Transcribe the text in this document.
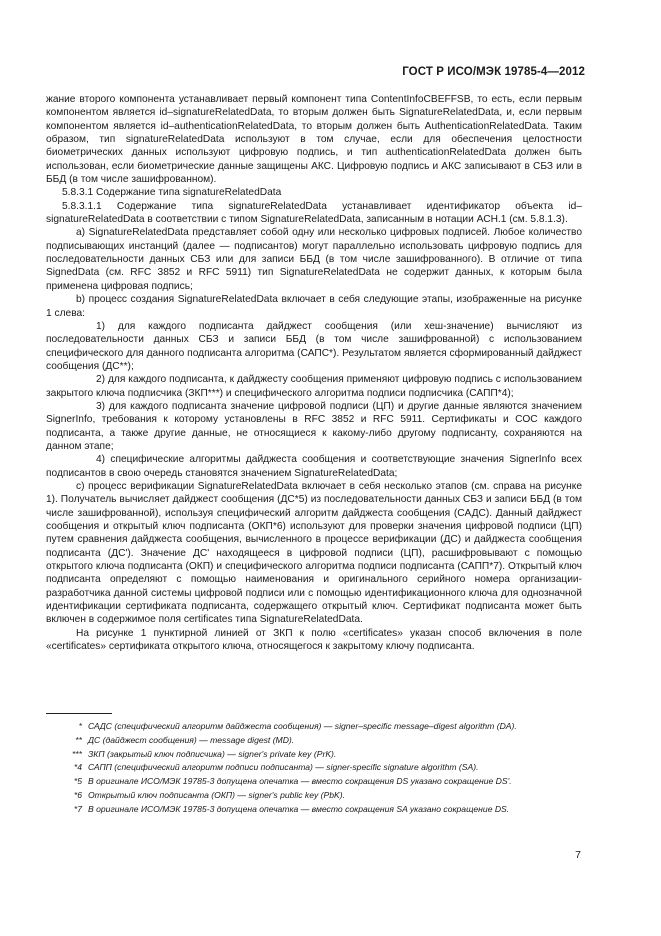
ГОСТ Р ИСО/МЭК 19785-4—2012

жание второго компонента устанавливает первый компонент типа ContentInfoCBEFFSB, то есть, если первым компонентом является id–signatureRelatedData, то вторым должен быть SignatureRelatedData, и, если первым компонентом является id–authenticationRelatedData, то вторым должен быть AuthenticationRelatedData. Таким образом, тип signatureRelatedData используют в том случае, если для обеспечения целостности биометрических данных используют цифровую подпись, и тип authenticationRelatedData должен быть использован, если биометрические данные защищены АКС. Цифровую подпись и АКС записывают в СБЗ или в ББД (в том числе зашифрованном).

5.8.3.1 Содержание типа signatureRelatedData

5.8.3.1.1 Содержание типа signatureRelatedData устанавливает идентификатор объекта id–signatureRelatedData в соответствии с типом SignatureRelatedData, записанным в нотации АСН.1 (см. 5.8.1.3).

а) SignatureRelatedData представляет собой одну или несколько цифровых подписей. Любое количество подписывающих инстанций (далее — подписантов) могут параллельно использовать цифровую подпись для последовательности данных СБЗ или для записи ББД (в том числе зашифрованного). В отличие от типа SignedData (см. RFC 3852 и RFC 5911) тип SignatureRelatedData не содержит данных, к которым была применена цифровая подпись;

b) процесс создания SignatureRelatedData включает в себя следующие этапы, изображенные на рисунке 1 слева:

1) для каждого подписанта дайджест сообщения (или хеш-значение) вычисляют из последовательности данных СБЗ и записи ББД (в том числе зашифрованной) с использованием специфического для данного подписанта алгоритма (САПС*). Результатом является сформированный дайджест сообщения (ДС**);

2) для каждого подписанта, к дайджесту сообщения применяют цифровую подпись с использованием закрытого ключа подписчика (ЗКП***) и специфического алгоритма подписи подписчика (САПП*4);

3) для каждого подписанта значение цифровой подписи (ЦП) и другие данные являются значением SignerInfo, требования к которому установлены в RFC 3852 и RFC 5911. Сертификаты и СОС каждого подписанта, а также другие данные, не относящиеся к какому-либо другому подписанту, сохраняются на данном этапе;

4) специфические алгоритмы дайджеста сообщения и соответствующие значения SignerInfo всех подписантов в свою очередь становятся значением SignatureRelatedData;

с) процесс верификации SignatureRelatedData включает в себя несколько этапов (см. справа на рисунке 1). Получатель вычисляет дайджест сообщения (ДС*5) из последовательности данных СБЗ и записи ББД (в том числе зашифрованной), используя специфический алгоритм дайджеста сообщения (САДС). Данный дайджест сообщения и открытый ключ подписанта (ОКП*6) используют для проверки значения цифровой подписи (ЦП) путем сравнения дайджеста сообщения, вычисленного в процессе верификации (ДС) и дайджеста сообщения подписанта (ДС'). Значение ДС' находящееся в цифровой подписи (ЦП), расшифровывают с помощью открытого ключа подписанта (ОКП) и специфического алгоритма подписи подписанта (САПП*7). Открытый ключ подписанта определяют с помощью наименования и оригинального серийного номера организации-разработчика данной системы цифровой подписи или с помощью идентификационного ключа для однозначной идентификации сертификата подписанта, содержащего открытый ключ. Сертификат подписанта может быть включен в содержимое поля certificates типа SignatureRelatedData.

На рисунке 1 пунктирной линией от ЗКП к полю «certificates» указан способ включения в поле «certificates» сертификата открытого ключа, относящегося к закрытому ключу подписанта.

* САДС (специфический алгоритм дайджеста сообщения) — signer–specific message–digest algorithm (DA).
** ДС (дайджест сообщения) — message digest (MD).
*** ЗКП (закрытый ключ подписчика) — signer's private key (PrK).
*4 САПП (специфический алгоритм подписи подписанта) — signer-specific signature algorithm (SA).
*5 В оригинале ИСО/МЭК 19785-3 допущена опечатка — вместо сокращения DS указано сокращение DS'.
*6 Открытый ключ подписанта (ОКП) — signer's public key (PbK).
*7 В оригинале ИСО/МЭК 19785-3 допущена опечатка — вместо сокращения SA указано сокращение DS.
7
